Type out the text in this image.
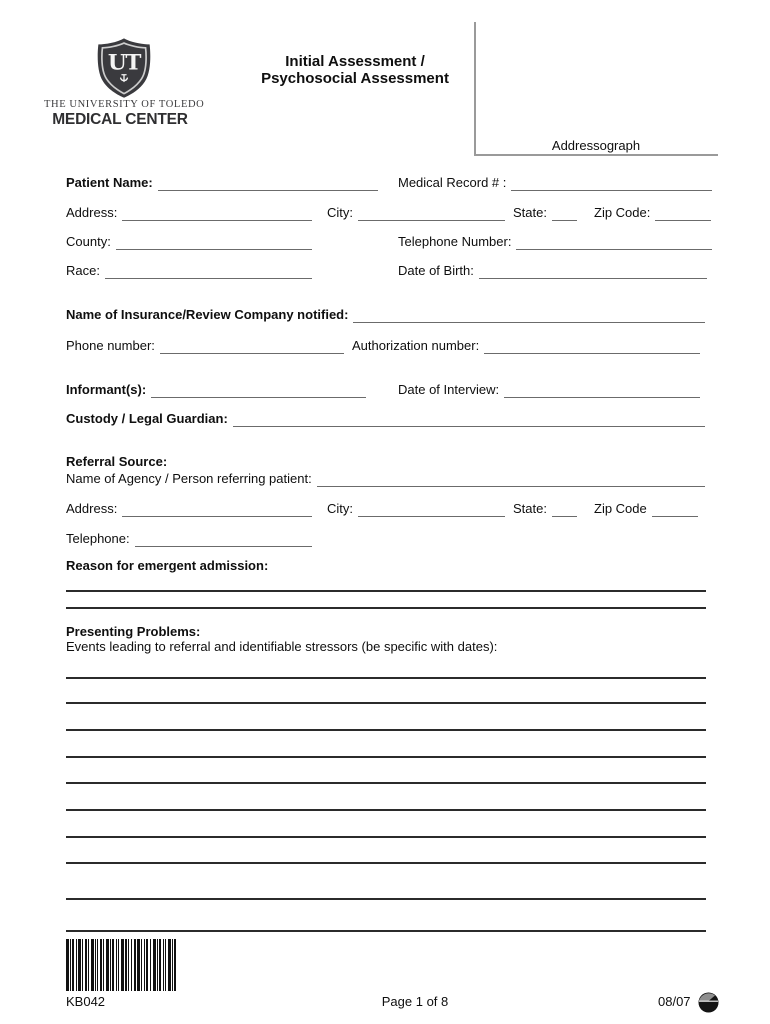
UT
THE UNIVERSITY OF TOLEDO
MEDICAL CENTER
Initial Assessment /
Psychosocial Assessment
Addressograph
Patient Name:	Medical Record # :
Address:	City:	State:	Zip Code:
County:	Telephone Number:
Race:	Date of Birth:
Name of Insurance/Review Company notified:
Phone number:	Authorization number:
Informant(s):	Date of Interview:
Custody / Legal Guardian:
Referral Source:
Name of Agency / Person referring patient:
Address:	City:	State:	Zip Code
Telephone:
Reason for emergent admission:
Presenting Problems:
Events leading to referral and identifiable stressors (be specific with dates):
KB042	Page 1 of 8	08/07
